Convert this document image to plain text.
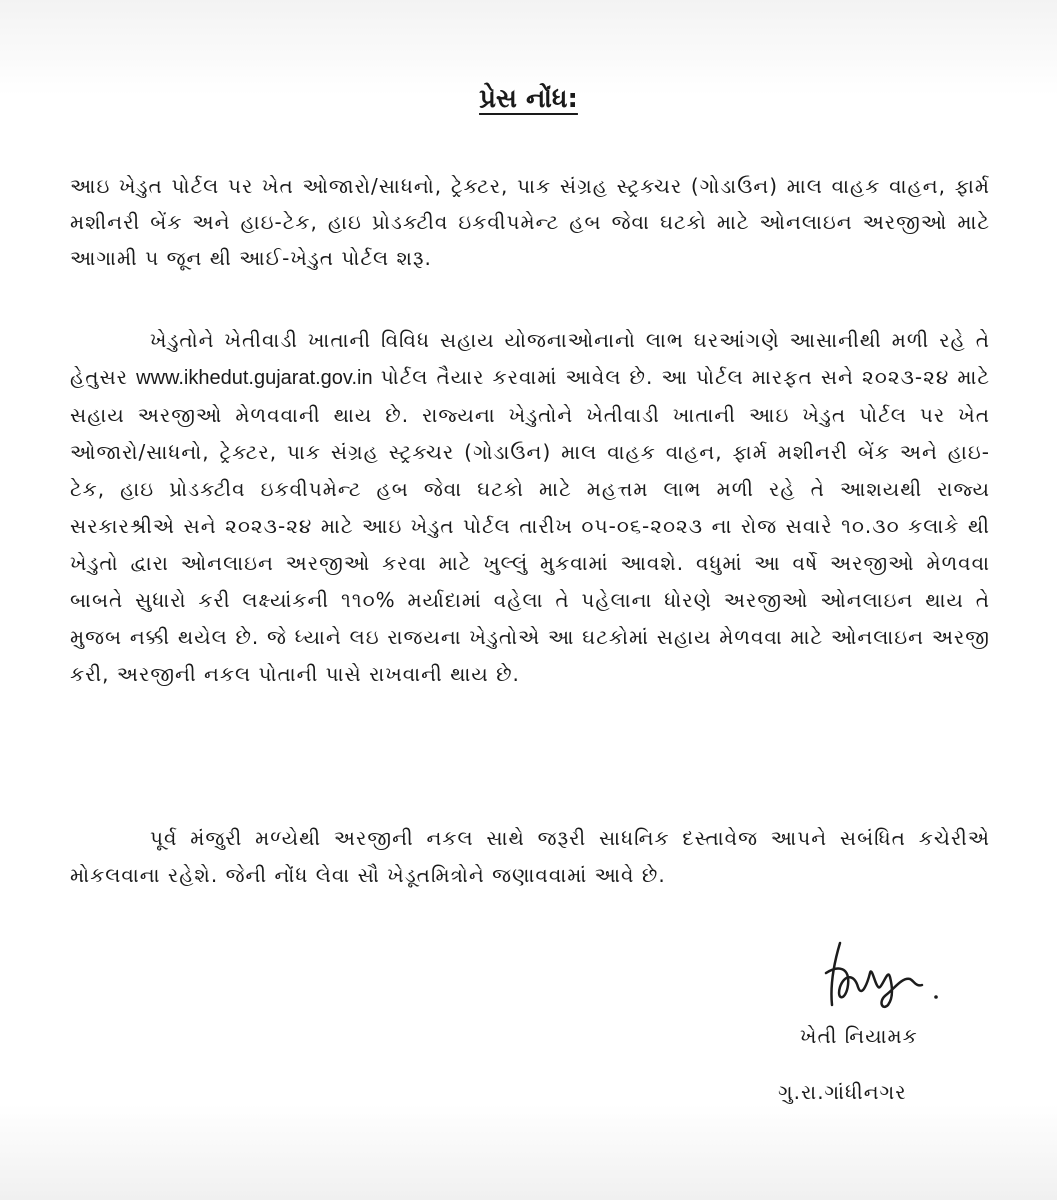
પ્રેસ નોંધ:
આઇ ખેડુત પોર્ટલ પર ખેત ઓજારો/સાધનો, ટ્રેક્ટર, પાક સંગ્રહ સ્ટ્રક્ચર (ગોડાઉન) માલ વાહક વાહન, ફાર્મ મશીનરી બેંક અને હાઇ-ટેક, હાઇ પ્રોડક્ટીવ ઇકવીપમેન્ટ હબ જેવા ઘટકો માટે ઓનલાઇન અરજીઓ માટે આગામી ૫ જૂન થી આઈ-ખેડુત પોર્ટલ શરૂ.
ખેડુતોને ખેતીવાડી ખાતાની વિવિધ સહાય યોજનાઓનાનો લાભ ઘરઆંગણે આસાનીથી મળી રહે તે હેતુસર www.ikhedut.gujarat.gov.in પોર્ટલ તૈયાર કરવામાં આવેલ છે. આ પોર્ટલ મારફત સને ૨૦૨૩-૨૪ માટે સહાય અરજીઓ મેળવવાની થાય છે. રાજ્યના ખેડુતોને ખેતીવાડી ખાતાની આઇ ખેડુત પોર્ટલ પર ખેત ઓજારો/સાધનો, ટ્રેક્ટર, પાક સંગ્રહ સ્ટ્રક્ચર (ગોડાઉન) માલ વાહક વાહન, ફાર્મ મશીનરી બેંક અને હાઇ-ટેક, હાઇ પ્રોડક્ટીવ ઇકવીપમેન્ટ હબ જેવા ઘટકો માટે મહત્તમ લાભ મળી રહે તે આશયથી રાજ્ય સરકારશ્રીએ સને ૨૦૨૩-૨૪ માટે આઇ ખેડુત પોર્ટલ તારીખ ૦૫-૦૬-૨૦૨૩ ના રોજ સવારે ૧૦.૩૦ કલાકે થી ખેડુતો દ્વારા ઓનલાઇન અરજીઓ કરવા માટે ખુલ્લું મુકવામાં આવશે. વધુમાં આ વર્ષે અરજીઓ મેળવવા બાબતે સુધારો કરી લક્ષ્યાંકની ૧૧૦% મર્યાદામાં વહેલા તે પહેલાના ધોરણે અરજીઓ ઓનલાઇન થાય તે મુજબ નક્કી થયેલ છે. જે ધ્યાને લઇ રાજયના ખેડુતોએ આ ઘટકોમાં સહાય મેળવવા માટે ઓનલાઇન અરજી કરી, અરજીની નકલ પોતાની પાસે રાખવાની થાય છે.
પૂર્વ મંજુરી મળ્યેથી અરજીની નકલ સાથે જરૂરી સાધનિક દસ્તાવેજ આપને સબંધિત કચેરીએ મોકલવાના રહેશે. જેની નોંધ લેવા સૌ ખેડૂતમિત્રોને જણાવવામાં આવે છે.
ખેતી નિયામક
ગુ.રા.ગાંધીનગર
